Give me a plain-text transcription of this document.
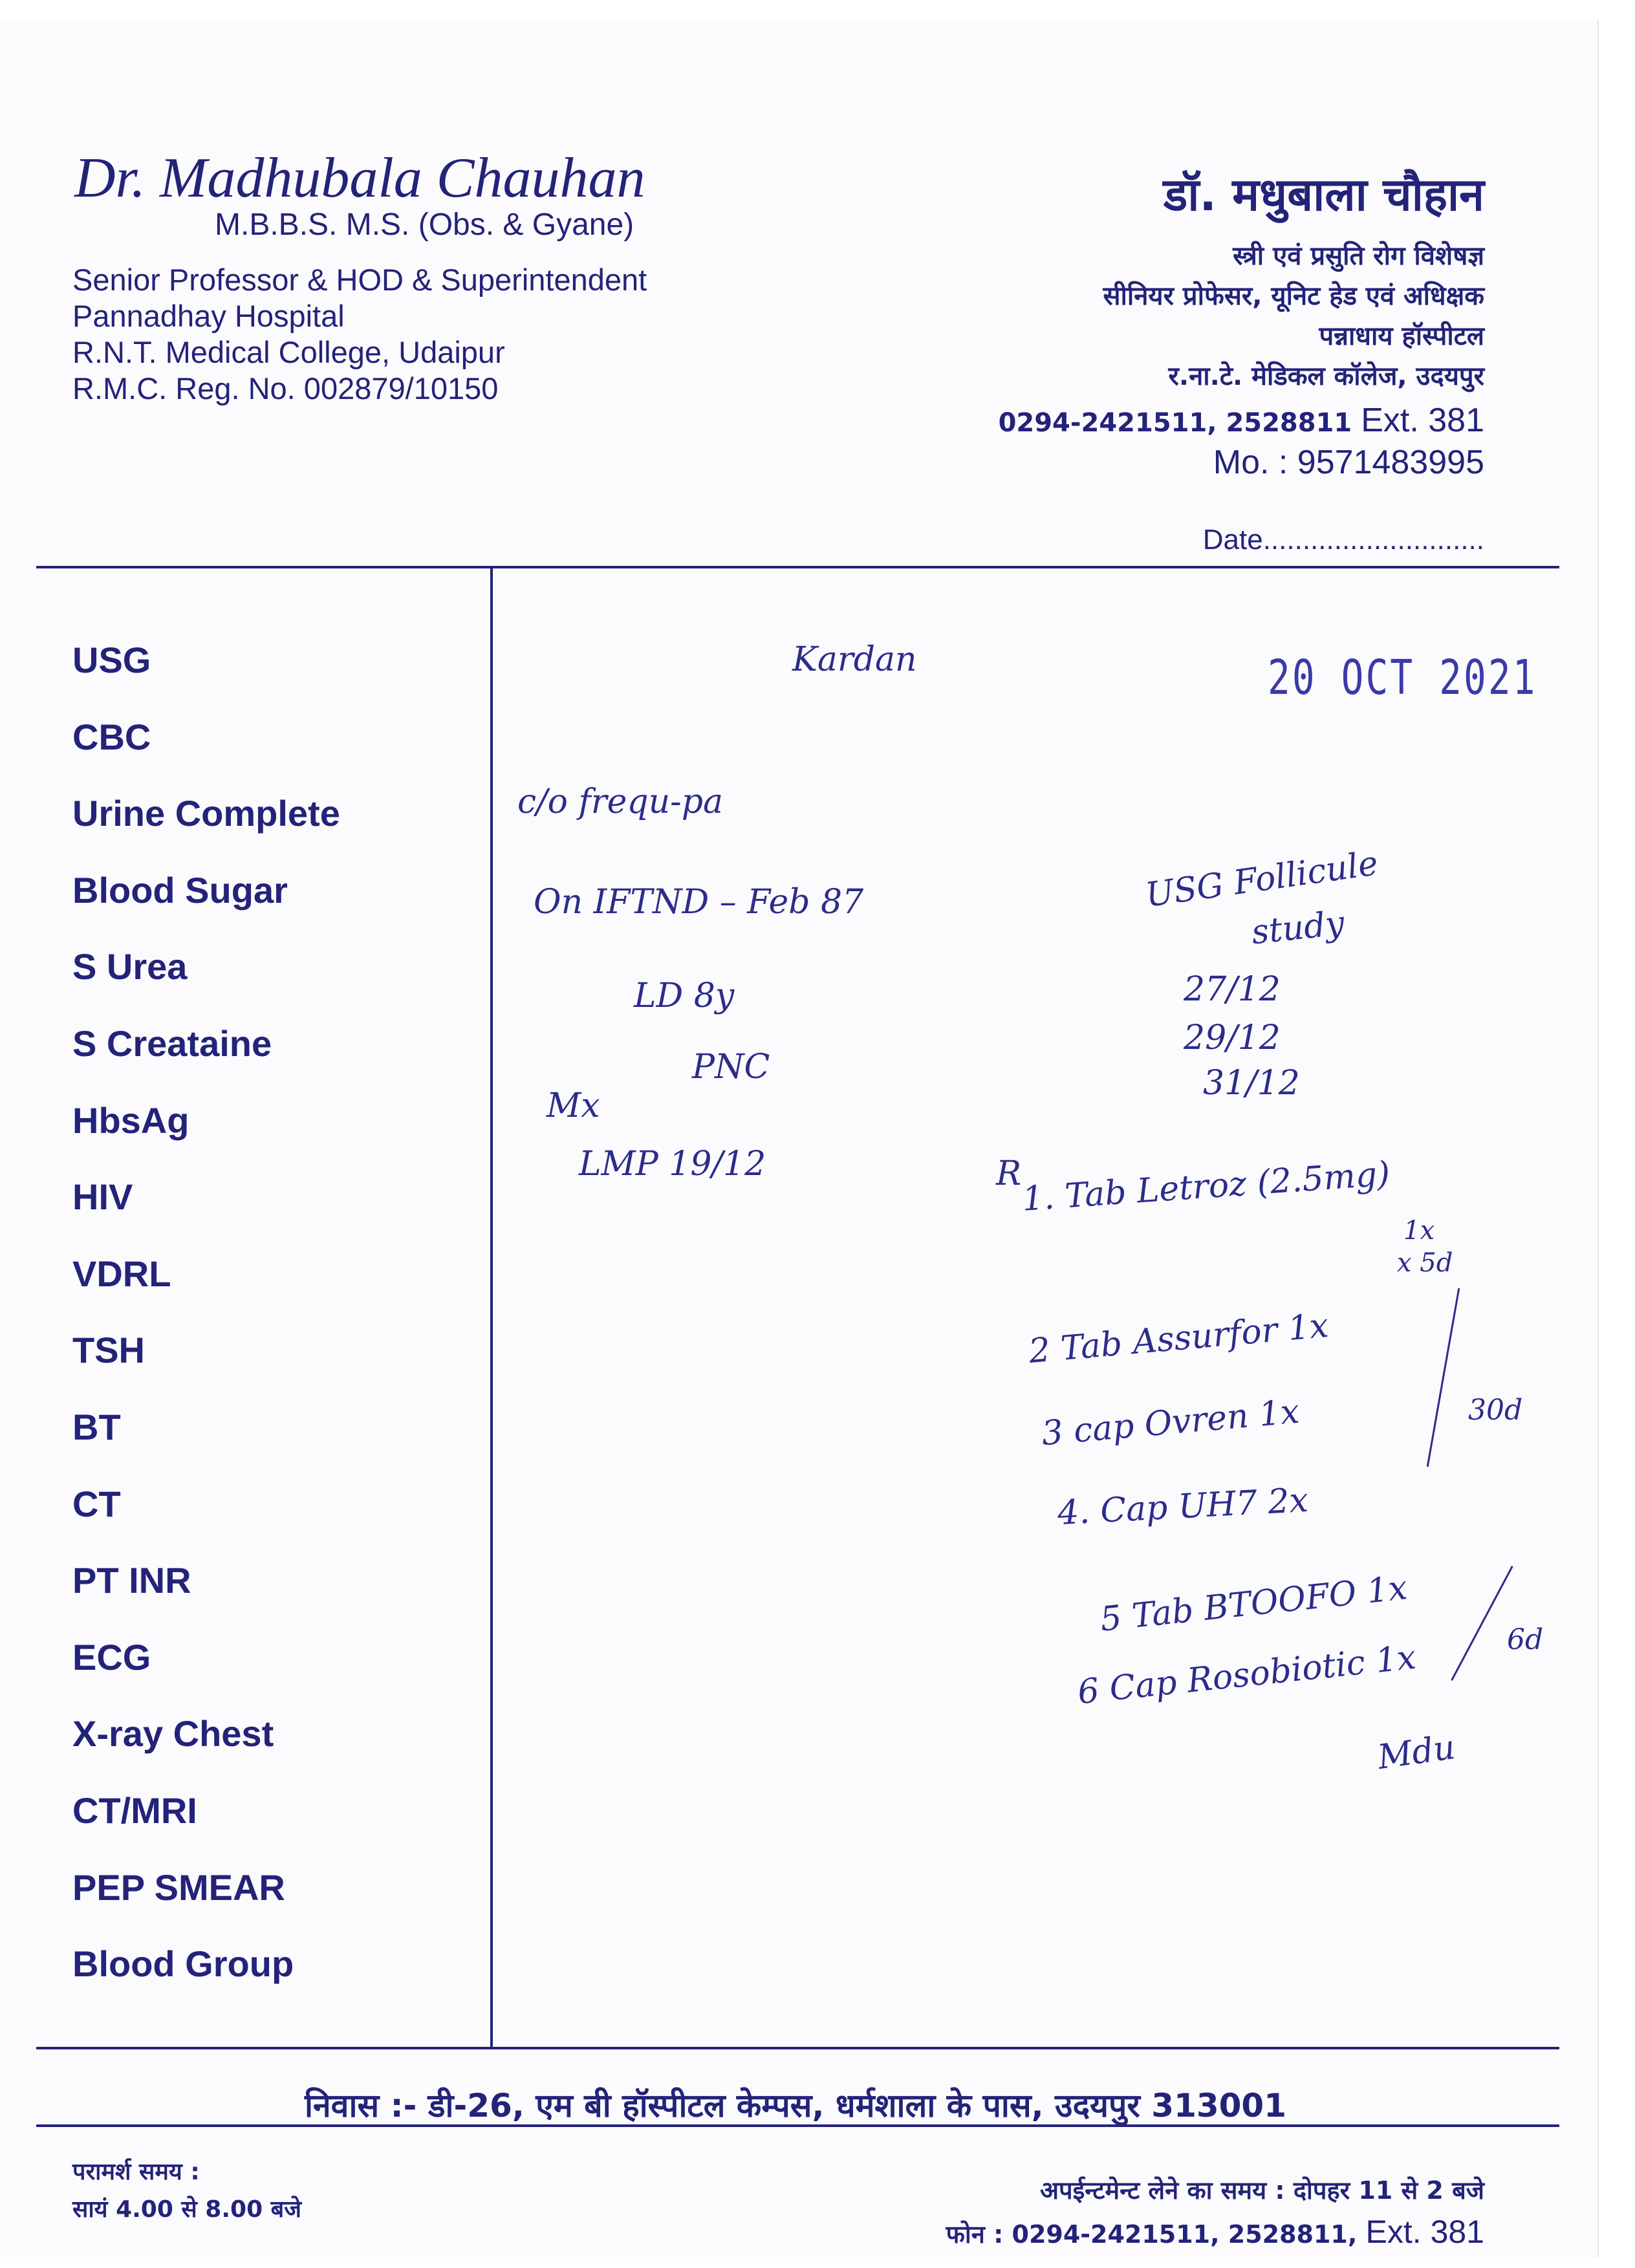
Dr. Madhubala Chauhan
M.B.B.S. M.S. (Obs. & Gyane)
Senior Professor & HOD & Superintendent
Pannadhay Hospital
R.N.T. Medical College, Udaipur
R.M.C. Reg. No. 002879/10150
डॉ. मधुबाला चौहान
स्त्री एवं प्रसुति रोग विशेषज्ञ
सीनियर प्रोफेसर, यूनिट हेड एवं अधिक्षक
पन्नाधाय हॉस्पीटल
र.ना.टे. मेडिकल कॉलेज, उदयपुर
0294-2421511, 2528811 Ext. 381
Mo. : 9571483995
Date............................
USG
CBC
Urine Complete
Blood Sugar
S Urea
S Creataine
HbsAg
HIV
VDRL
TSH
BT
CT
PT INR
ECG
X-ray Chest
CT/MRI
PEP SMEAR
Blood Group
20 OCT 2021
Kardan
c/o frequ-pa
On IFTND – Feb 87
LD 8y
PNC
Mx
LMP 19/12
USG Follicule
study
27/12
29/12
31/12
R 1. Tab Letroz (2.5mg)
1x
x 5d
2 Tab Assurfor 1x
3 cap Ovren 1x	30d
4. Cap UH7 2x
5 Tab BTOOFO 1x
6 Cap Rosobiotic 1x	6d
Mdu
निवास :- डी-26, एम बी हॉस्पीटल केम्पस, धर्मशाला के पास, उदयपुर 313001
परामर्श समय :
सायं 4.00 से 8.00 बजे
अपईन्टमेन्ट लेने का समय : दोपहर 11 से 2 बजे
फोन : 0294-2421511, 2528811, Ext. 381
